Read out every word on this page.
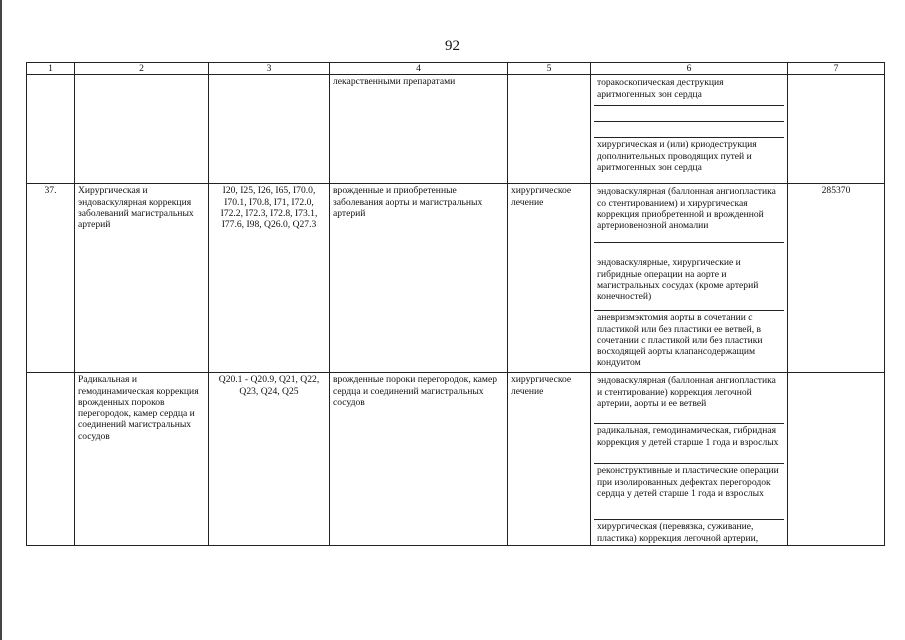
92
1	2	3	4	5	6	7
			лекарственными препаратами		торакоскопическая деструкция аритмогенных зон сердца
хирургическая и (или) криодеструкция дополнительных проводящих путей и аритмогенных зон сердца	

37.	Хирургическая и эндоваскулярная коррекция заболеваний магистральных артерий	I20, I25, I26, I65, I70.0, I70.1, I70.8, I71, I72.0, I72.2, I72.3, I72.8, I73.1, I77.6, I98, Q26.0, Q27.3	врожденные и приобретенные заболевания аорты и магистральных артерий	хирургическое лечение	эндоваскулярная (баллонная ангиопластика со стентированием) и хирургическая коррекция приобретенной и врожденной артериовенозной аномалии
эндоваскулярные, хирургические и гибридные операции на аорте и магистральных сосудах (кроме артерий конечностей)
аневризмэктомия аорты в сочетании с пластикой или без пластики ее ветвей, в сочетании с пластикой или без пластики восходящей аорты клапансодержащим кондуитом	285370
	Радикальная и гемодинамическая коррекция врожденных пороков перегородок, камер сердца и соединений магистральных сосудов	Q20.1 - Q20.9, Q21, Q22, Q23, Q24, Q25	врожденные пороки перегородок, камер сердца и соединений магистральных сосудов	хирургическое лечение	эндоваскулярная (баллонная ангиопластика и стентирование) коррекция легочной артерии, аорты и ее ветвей
радикальная, гемодинамическая, гибридная коррекция у детей старше 1 года и взрослых
реконструктивные и пластические операции при изолированных дефектах перегородок сердца у детей старше 1 года и взрослых
хирургическая (перевязка, суживание, пластика) коррекция легочной артерии,	
